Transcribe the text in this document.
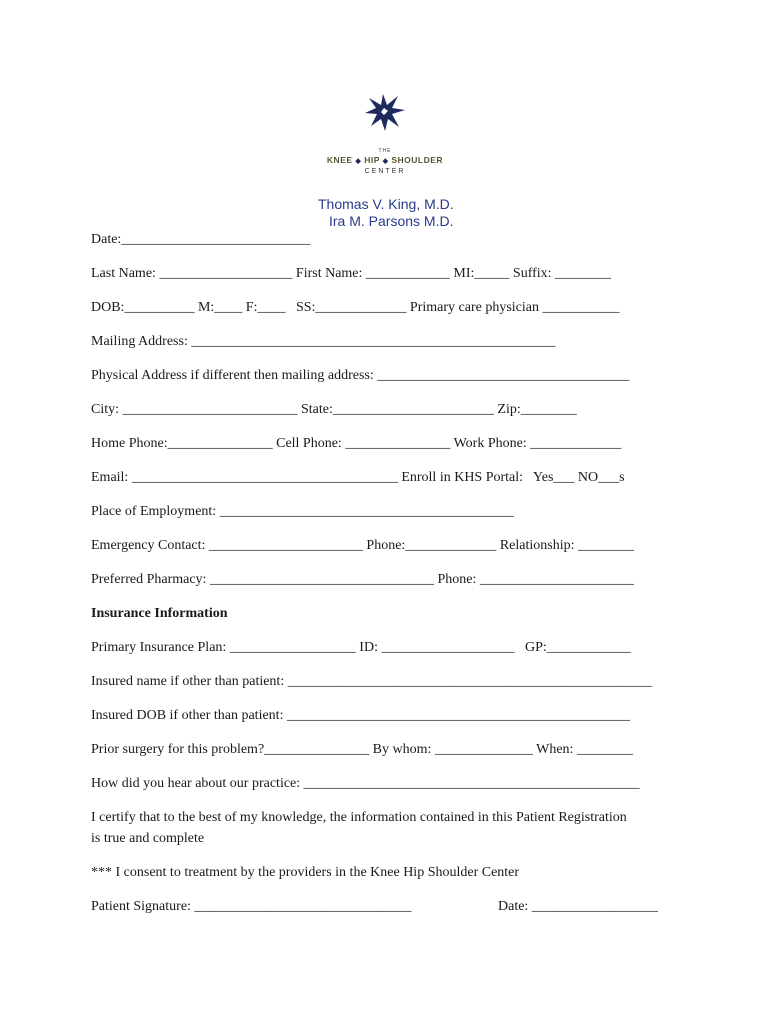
THE
KNEE ◆ HIP ◆ SHOULDER
CENTER
Thomas V. King, M.D.
Ira M. Parsons M.D.
Date:___________________________
Last Name: ___________________ First Name: ____________ MI:_____ Suffix: ________
DOB:__________ M:____ F:____   SS:_____________ Primary care physician ___________
Mailing Address: ____________________________________________________
Physical Address if different then mailing address: ____________________________________
City: _________________________ State:_______________________ Zip:________
Home Phone:_______________ Cell Phone: _______________ Work Phone: _____________
Email: ______________________________________ Enroll in KHS Portal:   Yes___ NO___s
Place of Employment: __________________________________________
Emergency Contact: ______________________ Phone:_____________ Relationship: ________
Preferred Pharmacy: ________________________________ Phone: ______________________
Insurance Information
Primary Insurance Plan: __________________ ID: ___________________   GP:____________
Insured name if other than patient: ____________________________________________________
Insured DOB if other than patient: _________________________________________________
Prior surgery for this problem?_______________ By whom: ______________ When: ________
How did you hear about our practice: ________________________________________________
I certify that to the best of my knowledge, the information contained in this Patient Registration
is true and complete
*** I consent to treatment by the providers in the Knee Hip Shoulder Center
Patient Signature: _______________________________	Date: __________________
